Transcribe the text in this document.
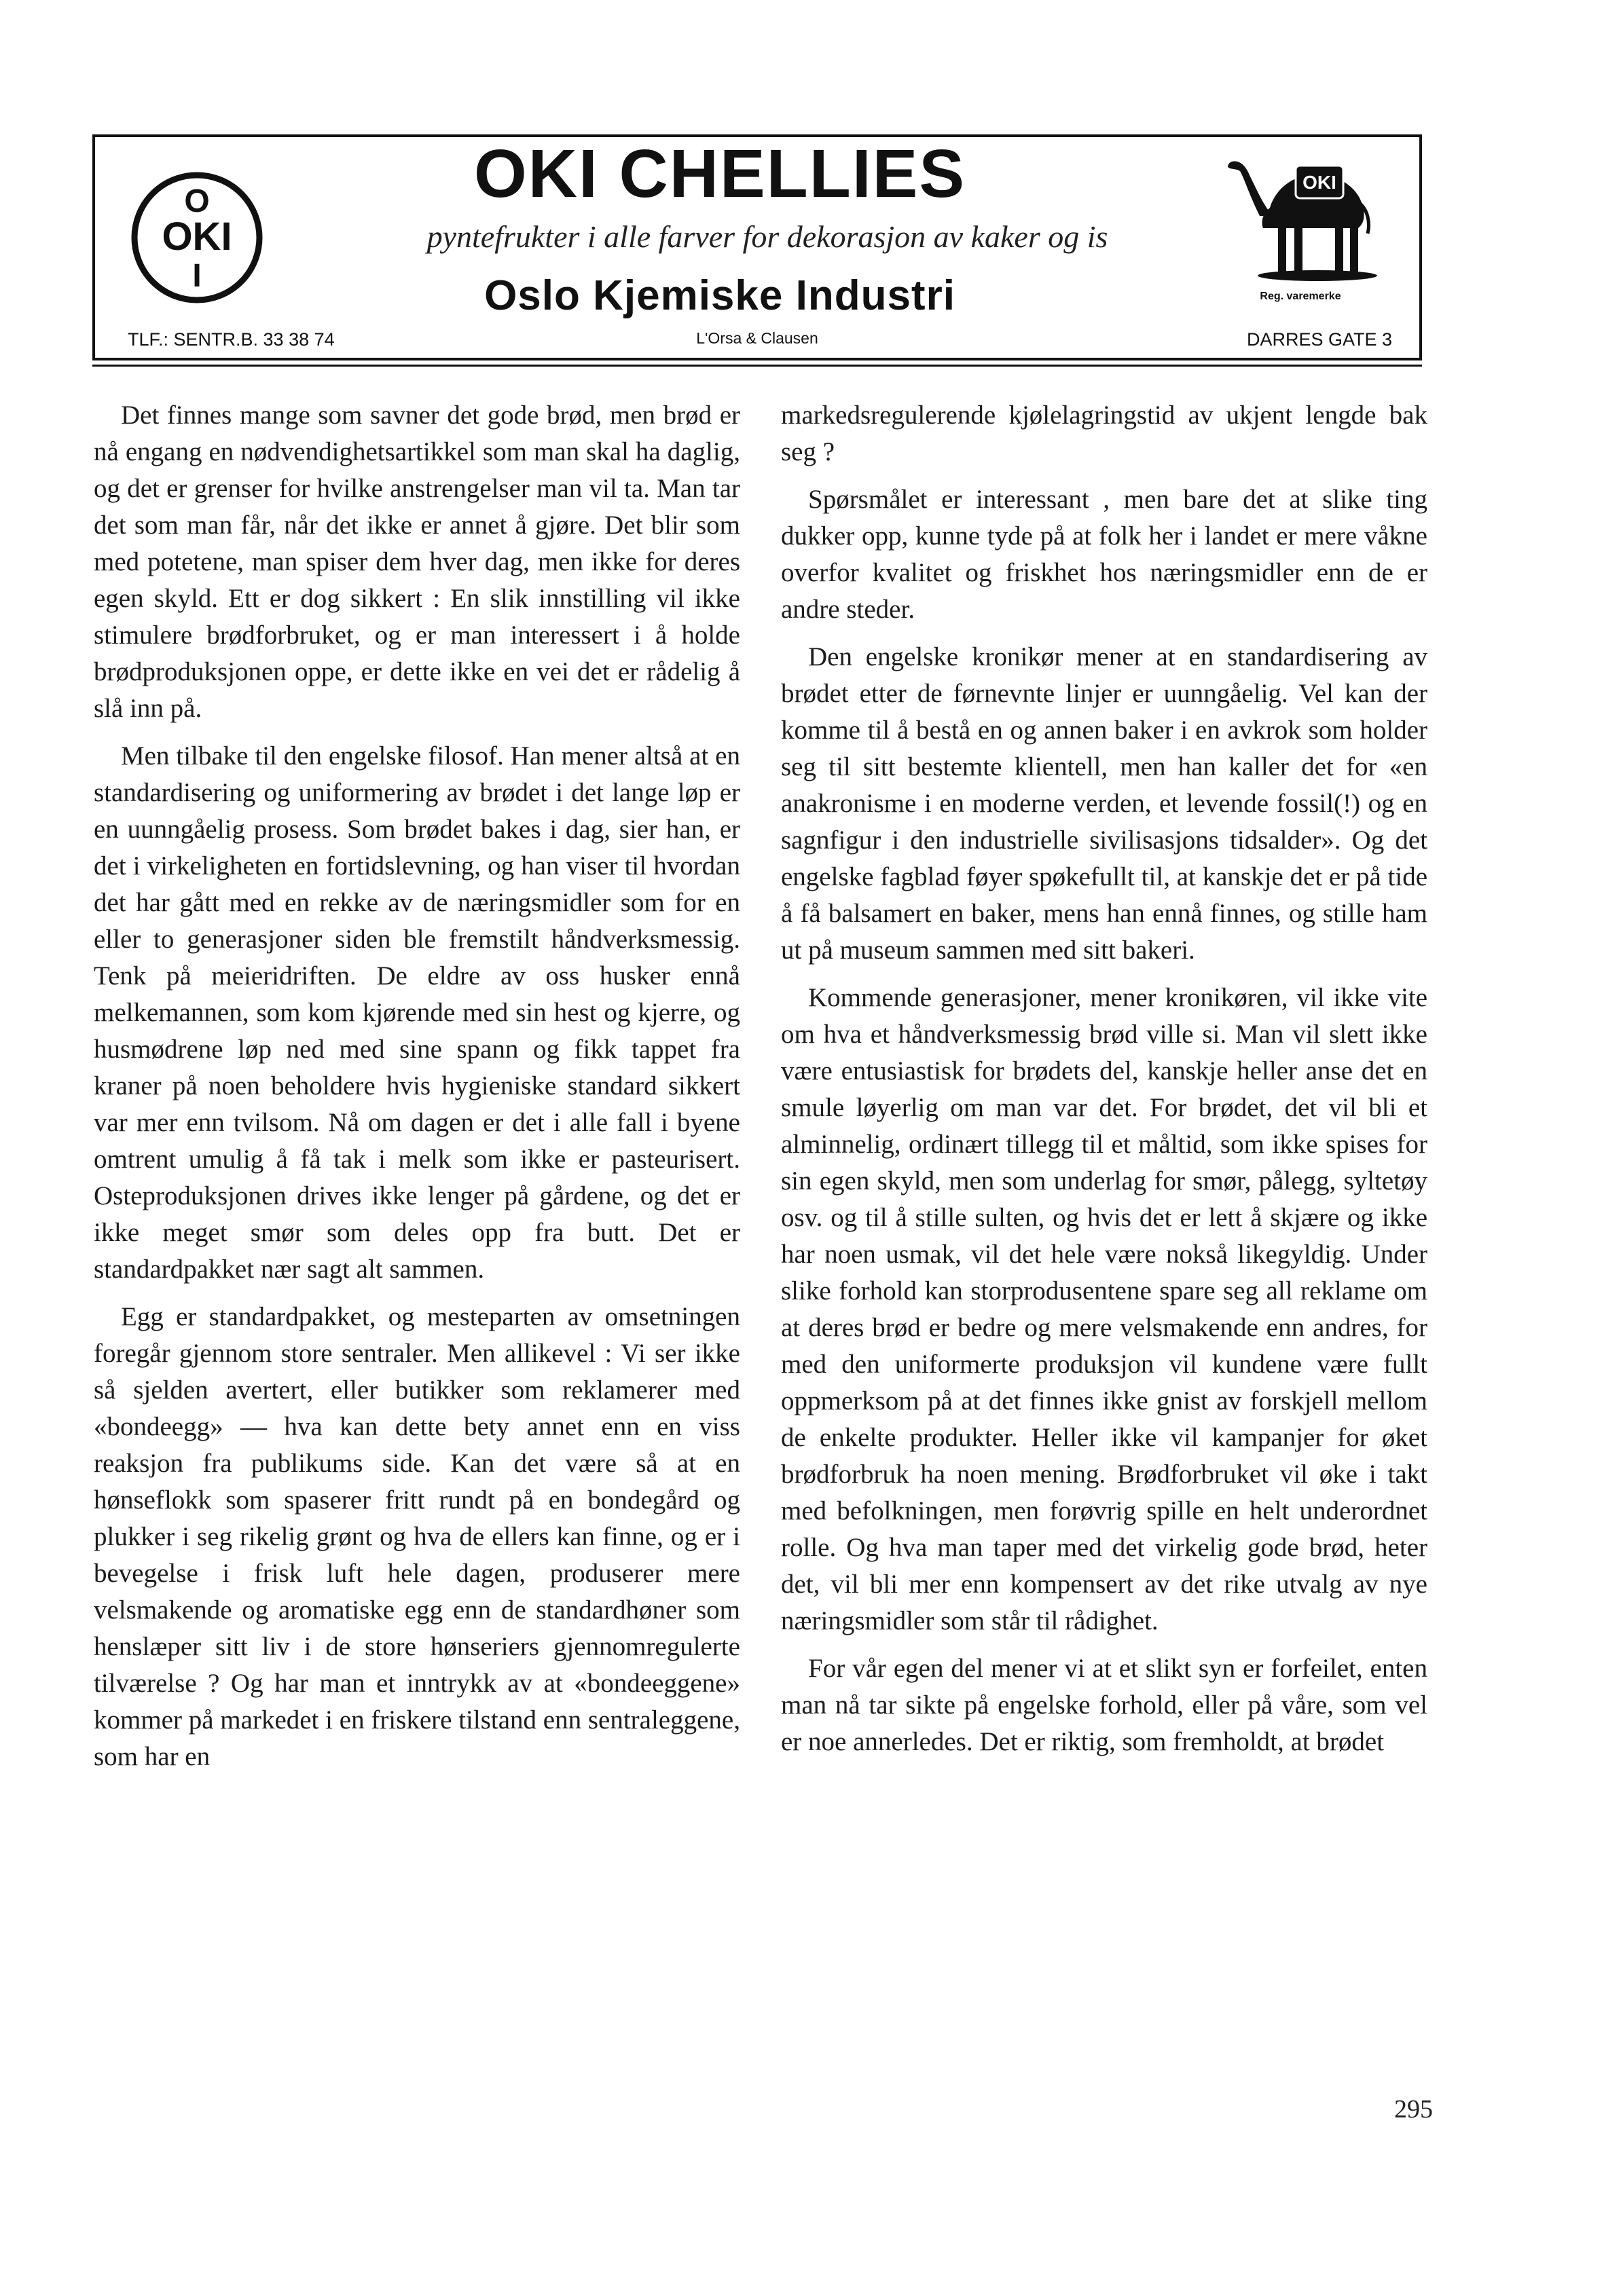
O
OKI
I
OKI CHELLIES
pyntefrukter i alle farver for dekorasjon av kaker og is
Oslo Kjemiske Industri
TLF.: SENTR.B. 33 38 74	L'Orsa & Clausen	DARRES GATE 3
OKI
Reg. varemerke

Det finnes mange som savner det gode brød, men brød er nå engang en nødvendighetsartikkel som man skal ha daglig, og det er grenser for hvilke anstrengelser man vil ta. Man tar det som man får, når det ikke er annet å gjøre. Det blir som med potetene, man spiser dem hver dag, men ikke for deres egen skyld. Ett er dog sikkert : En slik innstilling vil ikke stimulere brødforbruket, og er man interessert i å holde brødproduksjonen oppe, er dette ikke en vei det er rådelig å slå inn på.

Men tilbake til den engelske filosof. Han mener altså at en standardisering og uniformering av brødet i det lange løp er en uunngåelig prosess. Som brødet bakes i dag, sier han, er det i virkeligheten en fortidslevning, og han viser til hvordan det har gått med en rekke av de næringsmidler som for en eller to generasjoner siden ble fremstilt håndverksmessig. Tenk på meieridriften. De eldre av oss husker ennå melkemannen, som kom kjørende med sin hest og kjerre, og husmødrene løp ned med sine spann og fikk tappet fra kraner på noen beholdere hvis hygieniske standard sikkert var mer enn tvilsom. Nå om dagen er det i alle fall i byene omtrent umulig å få tak i melk som ikke er pasteurisert. Osteproduksjonen drives ikke lenger på gårdene, og det er ikke meget smør som deles opp fra butt. Det er standardpakket nær sagt alt sammen.

Egg er standardpakket, og mesteparten av omsetningen foregår gjennom store sentraler. Men allikevel : Vi ser ikke så sjelden avertert, eller butikker som reklamerer med «bondeegg» — hva kan dette bety annet enn en viss reaksjon fra publikums side. Kan det være så at en hønseflokk som spaserer fritt rundt på en bondegård og plukker i seg rikelig grønt og hva de ellers kan finne, og er i bevegelse i frisk luft hele dagen, produserer mere velsmakende og aromatiske egg enn de standardhøner som henslæper sitt liv i de store hønseriers gjennomregulerte tilværelse ? Og har man et inntrykk av at «bondeeggene» kommer på markedet i en friskere tilstand enn sentraleggene, som har en

markedsregulerende kjølelagringstid av ukjent lengde bak seg ?

Spørsmålet er interessant , men bare det at slike ting dukker opp, kunne tyde på at folk her i landet er mere våkne overfor kvalitet og friskhet hos næringsmidler enn de er andre steder.

Den engelske kronikør mener at en standardisering av brødet etter de førnevnte linjer er uunngåelig. Vel kan der komme til å bestå en og annen baker i en avkrok som holder seg til sitt bestemte klientell, men han kaller det for «en anakronisme i en moderne verden, et levende fossil(!) og en sagnfigur i den industrielle sivilisasjons tidsalder». Og det engelske fagblad føyer spøkefullt til, at kanskje det er på tide å få balsamert en baker, mens han ennå finnes, og stille ham ut på museum sammen med sitt bakeri.

Kommende generasjoner, mener kronikøren, vil ikke vite om hva et håndverksmessig brød ville si. Man vil slett ikke være entusiastisk for brødets del, kanskje heller anse det en smule løyerlig om man var det. For brødet, det vil bli et alminnelig, ordinært tillegg til et måltid, som ikke spises for sin egen skyld, men som underlag for smør, pålegg, syltetøy osv. og til å stille sulten, og hvis det er lett å skjære og ikke har noen usmak, vil det hele være nokså likegyldig. Under slike forhold kan storprodusentene spare seg all reklame om at deres brød er bedre og mere velsmakende enn andres, for med den uniformerte produksjon vil kundene være fullt oppmerksom på at det finnes ikke gnist av forskjell mellom de enkelte produkter. Heller ikke vil kampanjer for øket brødforbruk ha noen mening. Brødforbruket vil øke i takt med befolkningen, men forøvrig spille en helt underordnet rolle. Og hva man taper med det virkelig gode brød, heter det, vil bli mer enn kompensert av det rike utvalg av nye næringsmidler som står til rådighet.

For vår egen del mener vi at et slikt syn er forfeilet, enten man nå tar sikte på engelske forhold, eller på våre, som vel er noe annerledes. Det er riktig, som fremholdt, at brødet

295
